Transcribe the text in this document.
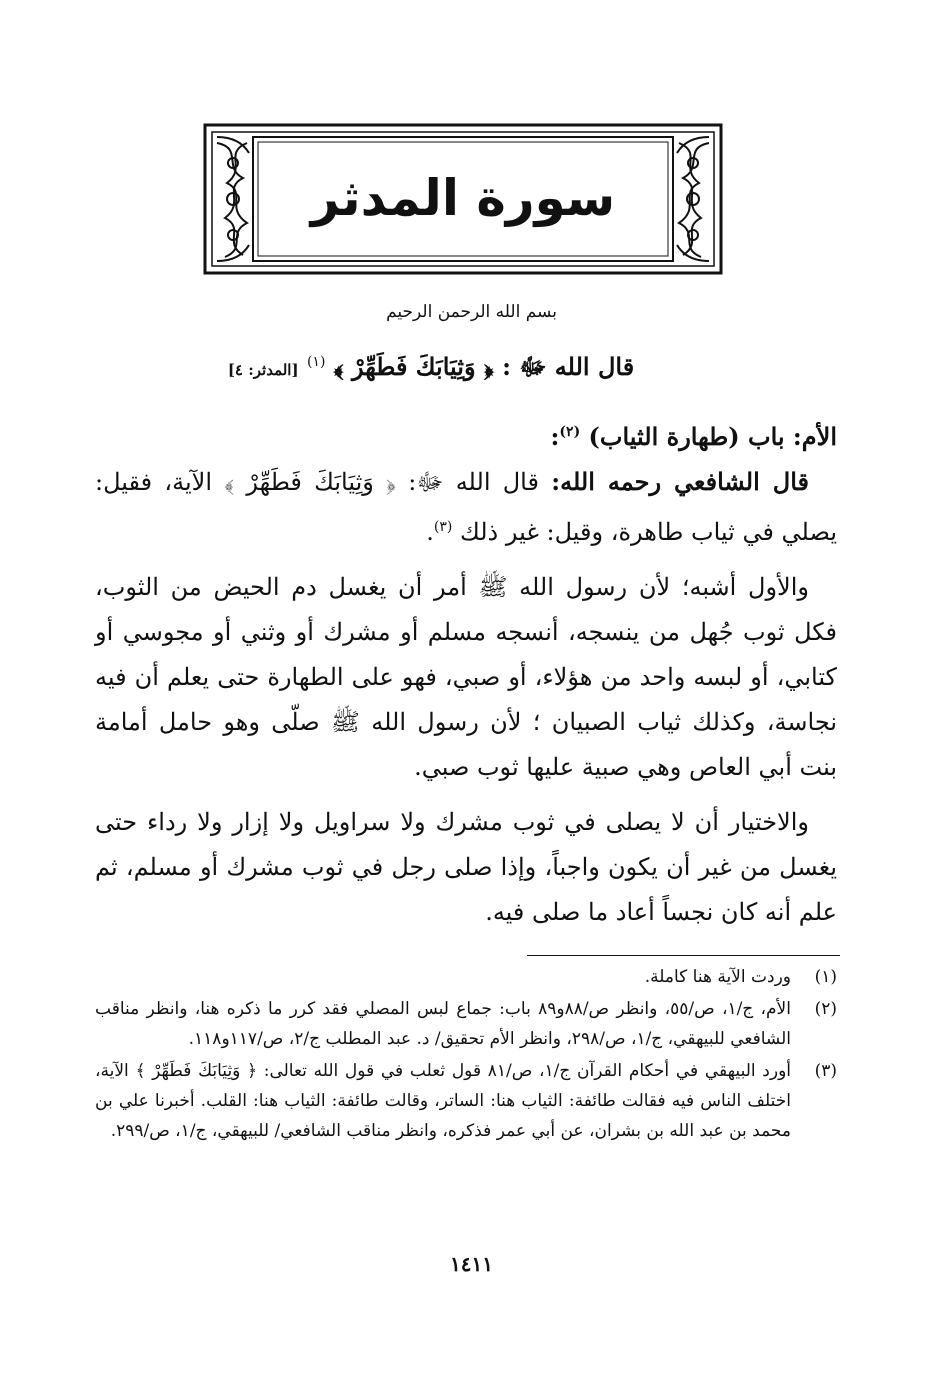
سورة المدثر
بسم الله الرحمن الرحيم
قال الله ﷻ : ﴿ وَثِيَابَكَ فَطَهِّرْ ﴾ $^{(١)}$ [المدثر: ٤]

الأم: باب (طهارة الثياب) $^{(٢)}$:

قال الشافعي رحمه الله: قال الله ﷻ: ﴿ وَثِيَابَكَ فَطَهِّرْ ﴾ الآية، فقيل: يصلي في ثياب طاهرة، وقيل: غير ذلك $^{(٣)}$.

والأول أشبه؛ لأن رسول الله ﷺ أمر أن يغسل دم الحيض من الثوب، فكل ثوب جُهل من ينسجه، أنسجه مسلم أو مشرك أو وثني أو مجوسي أو كتابي، أو لبسه واحد من هؤلاء، أو صبي، فهو على الطهارة حتى يعلم أن فيه نجاسة، وكذلك ثياب الصبيان ؛ لأن رسول الله ﷺ صلّى وهو حامل أمامة بنت أبي العاص وهي صبية عليها ثوب صبي.

والاختيار أن لا يصلى في ثوب مشرك ولا سراويل ولا إزار ولا رداء حتى يغسل من غير أن يكون واجباً، وإذا صلى رجل في ثوب مشرك أو مسلم، ثم علم أنه كان نجساً أعاد ما صلى فيه.

(١)
وردت الآية هنا كاملة.
(٢)
الأم، ج/١، ص/٥٥، وانظر ص/٨٨و٨٩ باب: جماع لبس المصلي فقد كرر ما ذكره هنا، وانظر مناقب الشافعي للبيهقي، ج/١، ص/٢٩٨، وانظر الأم تحقيق/ د. عبد المطلب ج/٢، ص/١١٧و١١٨.
(٣)
أورد البيهقي في أحكام القرآن ج/١، ص/٨١ قول ثعلب في قول الله تعالى: ﴿ وَثِيَابَكَ فَطَهِّرْ ﴾ الآية، اختلف الناس فيه فقالت طائفة: الثياب هنا: الساتر، وقالت طائفة: الثياب هنا: القلب. أخبرنا علي بن محمد بن عبد الله بن بشران، عن أبي عمر فذكره، وانظر مناقب الشافعي/ للبيهقي، ج/١، ص/٢٩٩.
١٤١١
